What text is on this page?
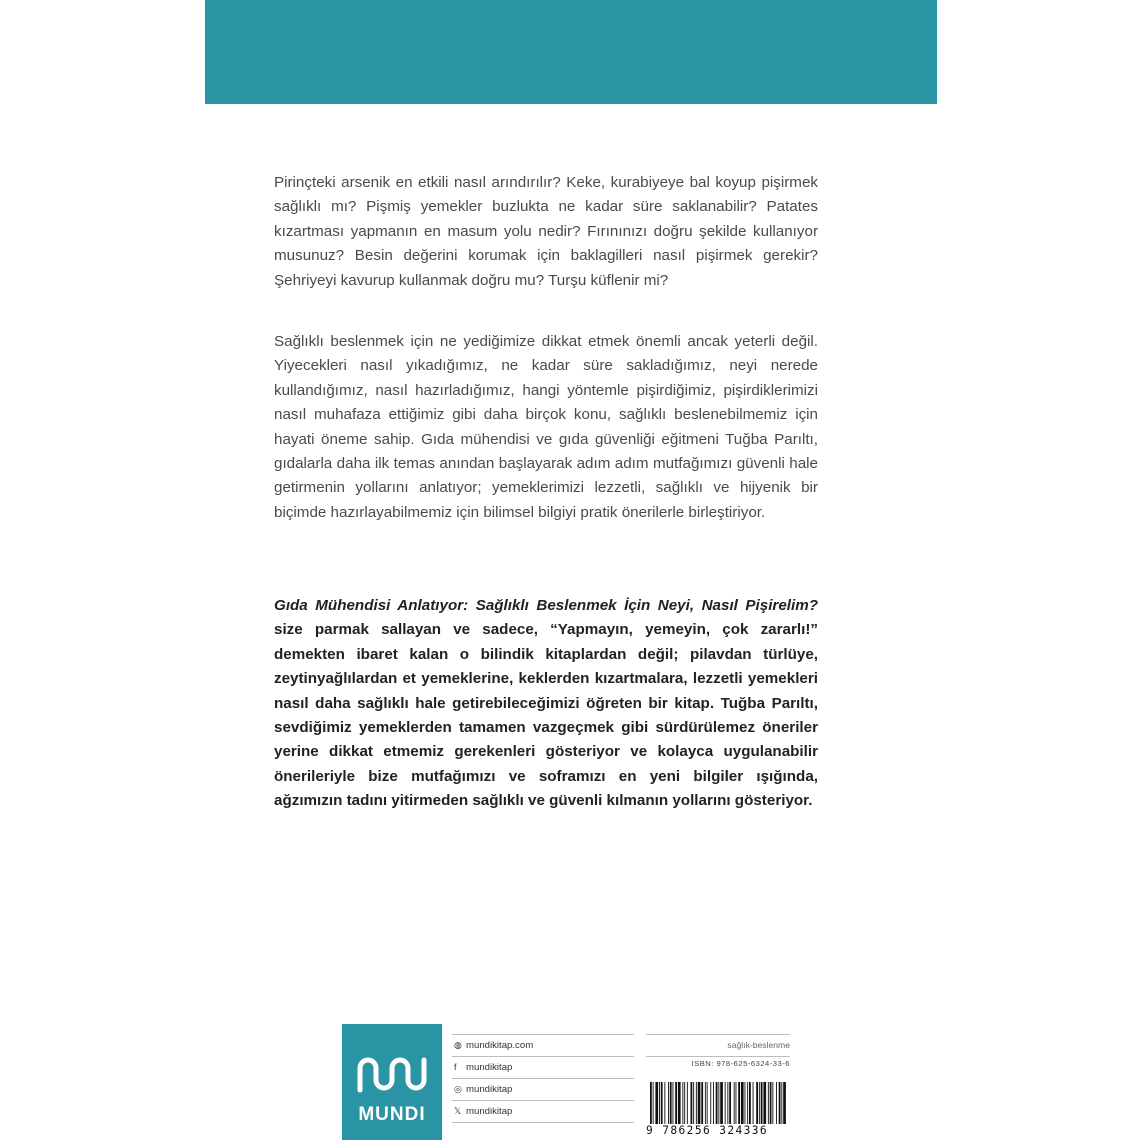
Pirinçteki arsenik en etkili nasıl arındırılır? Keke, kurabiyeye bal koyup pişirmek sağlıklı mı? Pişmiş yemekler buzlukta ne kadar süre saklanabilir? Patates kızartması yapmanın en masum yolu nedir? Fırınınızı doğru şekilde kullanıyor musunuz? Besin değerini korumak için baklagilleri nasıl pişirmek gerekir? Şehriyeyi kavurup kullanmak doğru mu? Turşu küflenir mi?

Sağlıklı beslenmek için ne yediğimize dikkat etmek önemli ancak yeterli değil. Yiyecekleri nasıl yıkadığımız, ne kadar süre sakladığımız, neyi nerede kullandığımız, nasıl hazırladığımız, hangi yöntemle pişirdiğimiz, pişirdiklerimizi nasıl muhafaza ettiğimiz gibi daha birçok konu, sağlıklı beslenebilmemiz için hayati öneme sahip. Gıda mühendisi ve gıda güvenliği eğitmeni Tuğba Parıltı, gıdalarla daha ilk temas anından başlayarak adım adım mutfağımızı güvenli hale getirmenin yollarını anlatıyor; yemeklerimizi lezzetli, sağlıklı ve hijyenik bir biçimde hazırlayabilmemiz için bilimsel bilgiyi pratik önerilerle birleştiriyor.

Gıda Mühendisi Anlatıyor: Sağlıklı Beslenmek İçin Neyi, Nasıl Pişirelim? size parmak sallayan ve sadece, “Yapmayın, yemeyin, çok zararlı!” demekten ibaret kalan o bilindik kitaplardan değil; pilavdan türlüye, zeytinyağlılardan et yemeklerine, keklerden kızartmalara, lezzetli yemekleri nasıl daha sağlıklı hale getirebileceğimizi öğreten bir kitap. Tuğba Parıltı, sevdiğimiz yemeklerden tamamen vazgeçmek gibi sürdürülemez öneriler yerine dikkat etmemiz gerekenleri gösteriyor ve kolayca uygulanabilir önerileriyle bize mutfağımızı ve soframızı en yeni bilgiler ışığında, ağzımızın tadını yitirmeden sağlıklı ve güvenli kılmanın yollarını gösteriyor.

MUNDI
◍ mundikitap.com
f mundikitap
◎ mundikitap
𝕏 mundikitap
sağlık-beslenme
ISBN: 978-625-6324-33-6
9 786256 324336
